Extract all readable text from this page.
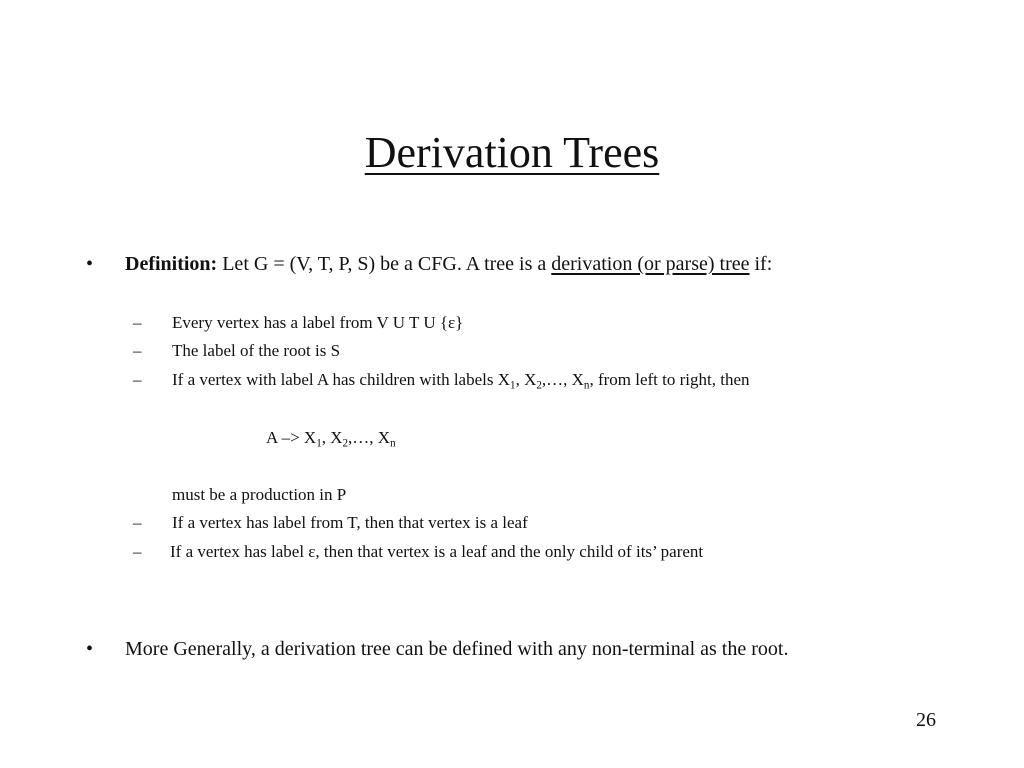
Derivation Trees
• Definition: Let G = (V, T, P, S) be a CFG. A tree is a derivation (or parse) tree if:
– Every vertex has a label from V U T U {ε}
– The label of the root is S
– If a vertex with label A has children with labels $X_1$, $X_2,\dots$, $X_n$, from left to right, then
$A -> X_1$, $X_2,\dots$, $X_n$
must be a production in P
– If a vertex has label from T, then that vertex is a leaf
– If a vertex has label ε, then that vertex is a leaf and the only child of its’ parent
• More Generally, a derivation tree can be defined with any non-terminal as the root.
26
